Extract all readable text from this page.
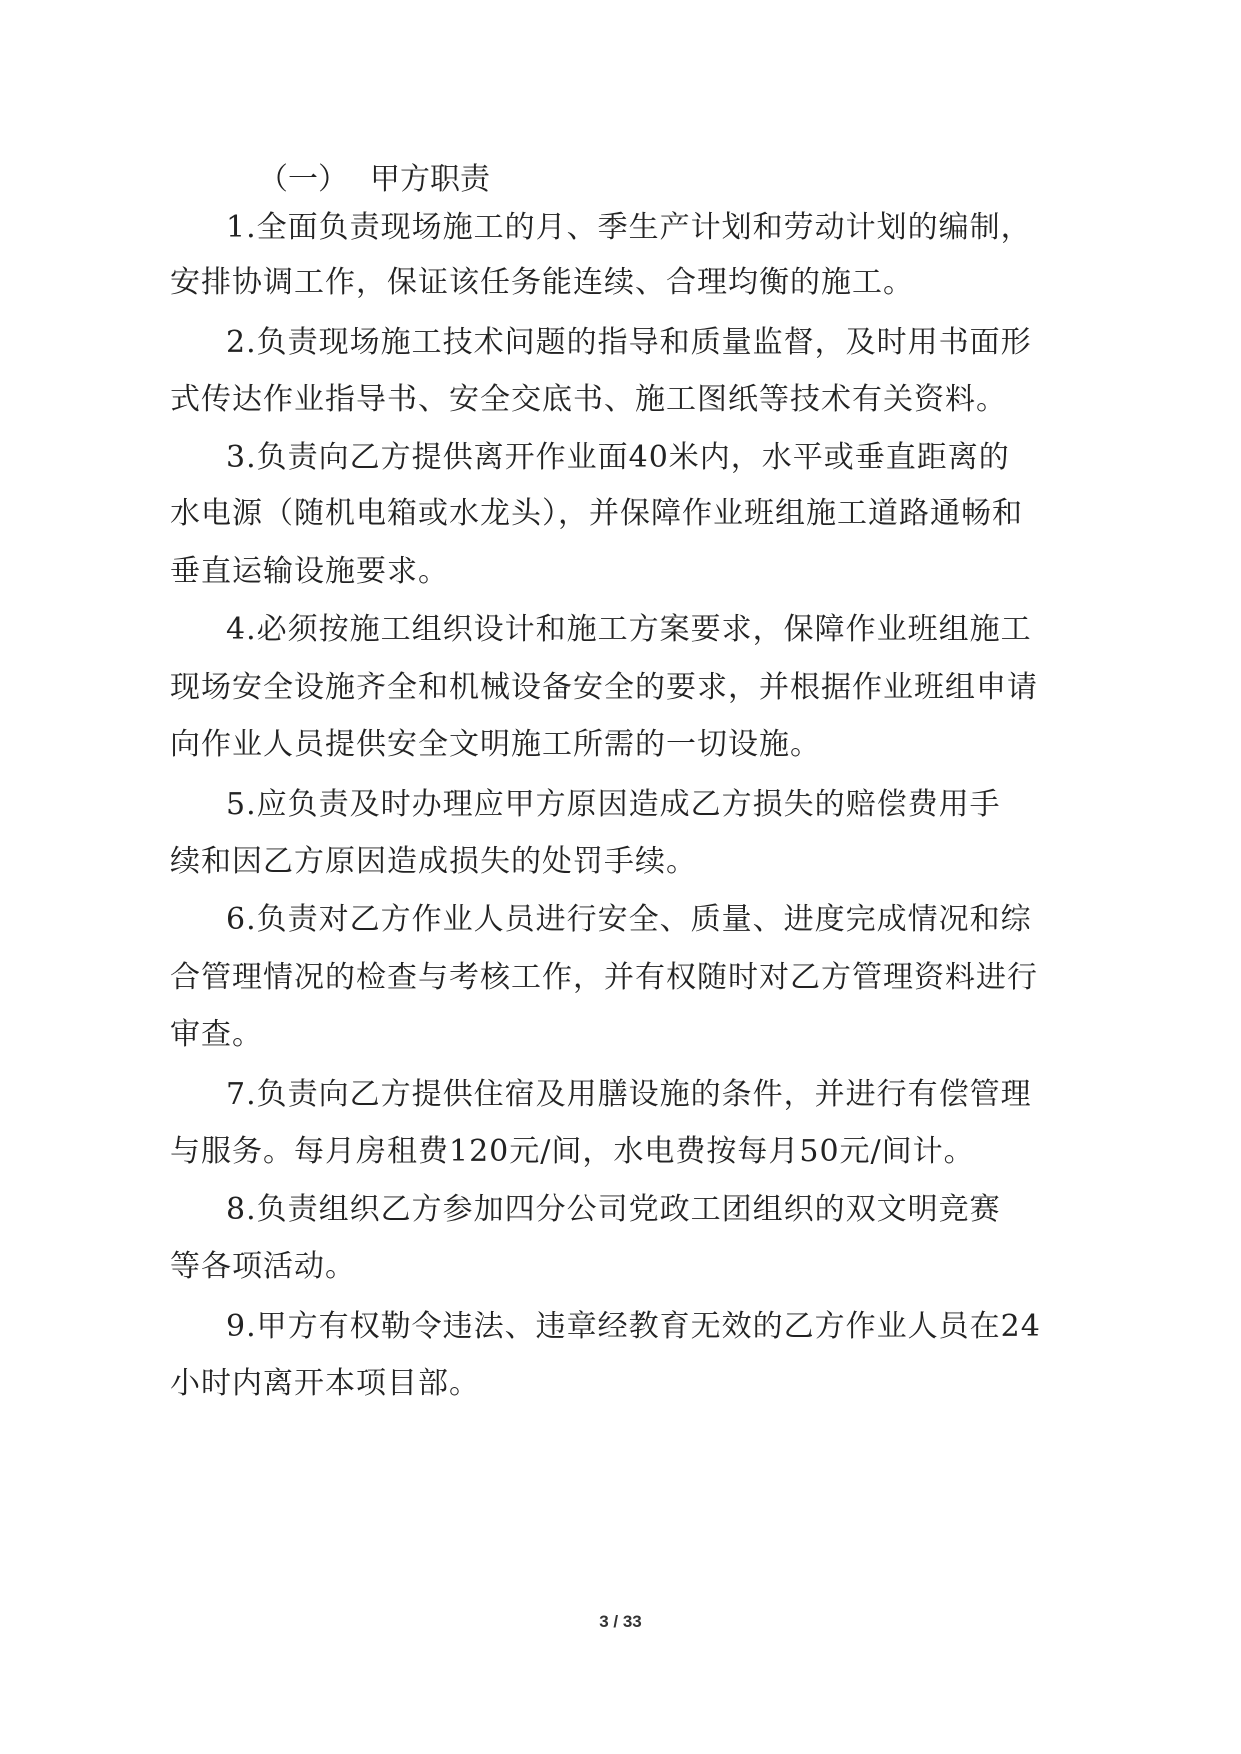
（一） 甲方职责

1.全面负责现场施工的月、季生产计划和劳动计划的编制，

安排协调工作，保证该任务能连续、合理均衡的施工。

2.负责现场施工技术问题的指导和质量监督，及时用书面形

式传达作业指导书、安全交底书、施工图纸等技术有关资料。

3.负责向乙方提供离开作业面40米内，水平或垂直距离的

水电源（随机电箱或水龙头），并保障作业班组施工道路通畅和

垂直运输设施要求。

4.必须按施工组织设计和施工方案要求，保障作业班组施工

现场安全设施齐全和机械设备安全的要求，并根据作业班组申请

向作业人员提供安全文明施工所需的一切设施。

5.应负责及时办理应甲方原因造成乙方损失的赔偿费用手

续和因乙方原因造成损失的处罚手续。

6.负责对乙方作业人员进行安全、质量、进度完成情况和综

合管理情况的检查与考核工作，并有权随时对乙方管理资料进行

审查。

7.负责向乙方提供住宿及用膳设施的条件，并进行有偿管理

与服务。每月房租费120元/间，水电费按每月50元/间计。

8.负责组织乙方参加四分公司党政工团组织的双文明竞赛

等各项活动。

9.甲方有权勒令违法、违章经教育无效的乙方作业人员在24

小时内离开本项目部。

3 / 33
